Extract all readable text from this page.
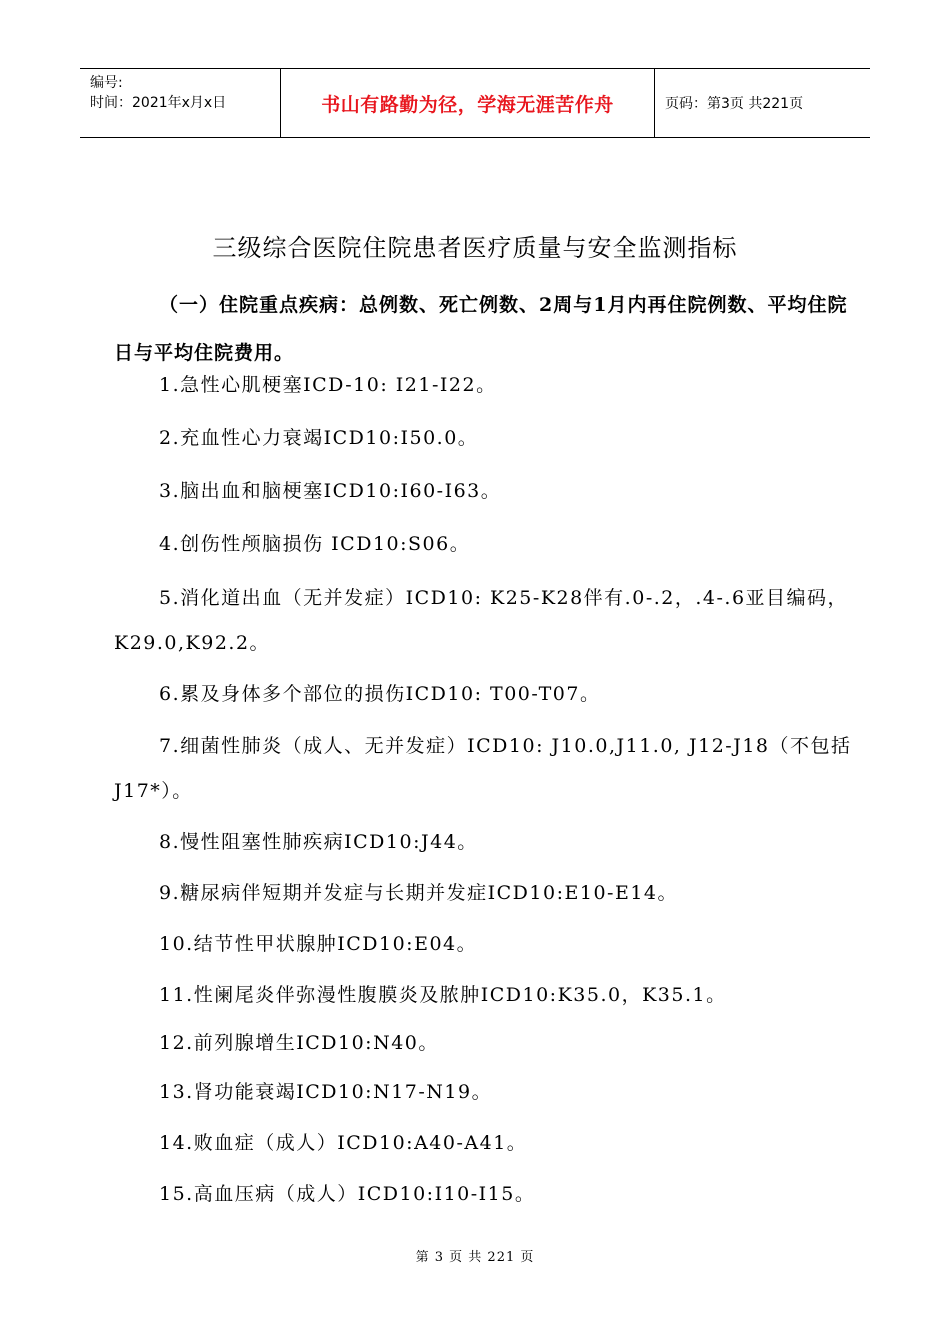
编号:
时间：2021年x月x日	书山有路勤为径，学海无涯苦作舟	页码：第3页 共221页
三级综合医院住院患者医疗质量与安全监测指标

（一）住院重点疾病：总例数、死亡例数、2周与1月内再住院例数、平均住院日与平均住院费用。

1.急性心肌梗塞ICD-10: I21-I22。

2.充血性心力衰竭ICD10:I50.0。

3.脑出血和脑梗塞ICD10:I60-I63。

4.创伤性颅脑损伤 ICD10:S06。

5.消化道出血（无并发症）ICD10: K25-K28伴有.0-.2，.4-.6亚目编码，K29.0,K92.2。

6.累及身体多个部位的损伤ICD10: T00-T07。

7.细菌性肺炎（成人、无并发症）ICD10: J10.0,J11.0, J12-J18（不包括J17*）。

8.慢性阻塞性肺疾病ICD10:J44。

9.糖尿病伴短期并发症与长期并发症ICD10:E10-E14。

10.结节性甲状腺肿ICD10:E04。

11.性阑尾炎伴弥漫性腹膜炎及脓肿ICD10:K35.0，K35.1。

12.前列腺增生ICD10:N40。

13.肾功能衰竭ICD10:N17-N19。

14.败血症（成人）ICD10:A40-A41。

15.高血压病（成人）ICD10:I10-I15。

第 3 页 共 221 页
